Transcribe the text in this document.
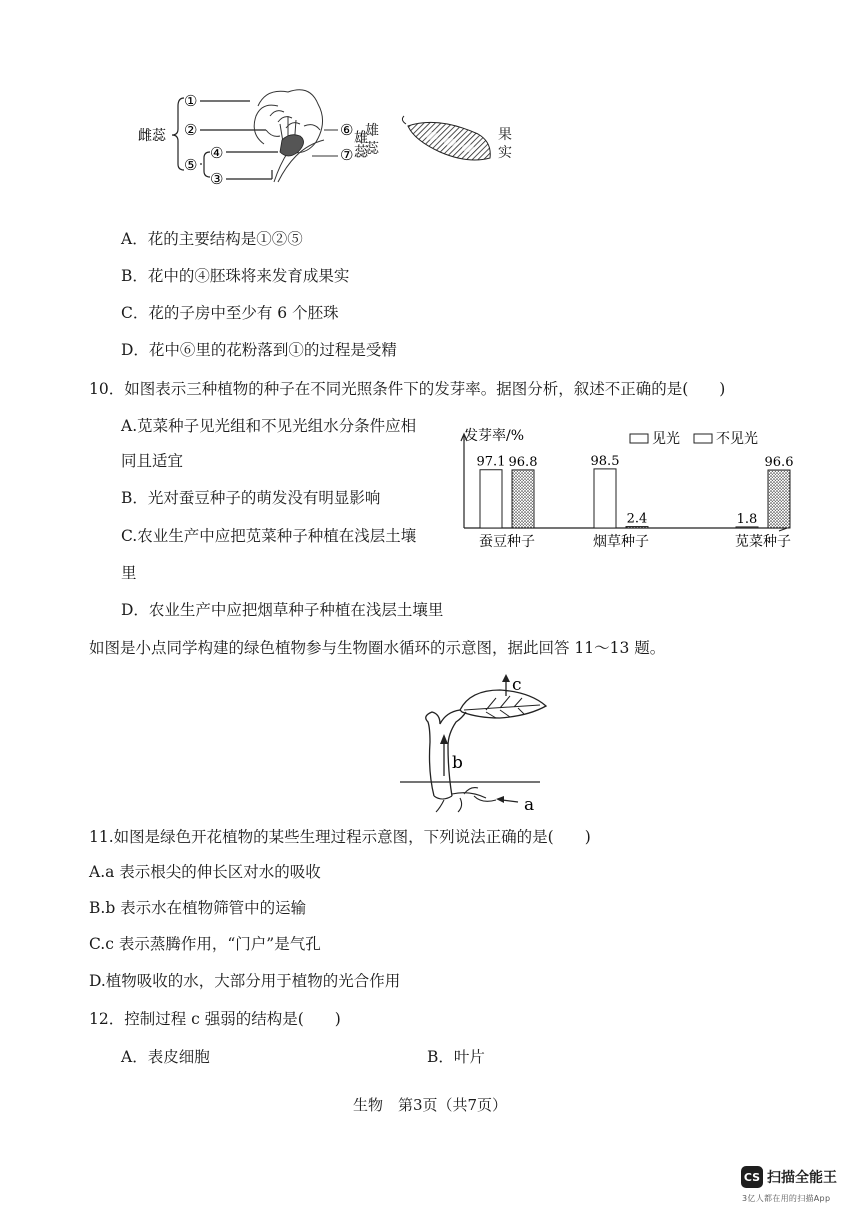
①
②
④
⑤
③
⑥
⑦
雄蕊
雌蕊	果实
雄蕊
A．花的主要结构是①②⑤
B．花中的④胚珠将来发育成果实
C．花的子房中至少有 6 个胚珠
D．花中⑥里的花粉落到①的过程是受精
10．如图表示三种植物的种子在不同光照条件下的发芽率。据图分析，叙述不正确的是(　　)
A.苋菜种子见光组和不见光组水分条件应相
同且适宜
B．光对蚕豆种子的萌发没有明显影响
C.农业生产中应把苋菜种子种植在浅层土壤
里
D．农业生产中应把烟草种子种植在浅层土壤里
发芽率/%	见光	不见光
97.1 96.8	98.5
2.4	1.8
96.6
蚕豆种子	烟草种子	苋菜种子
如图是小点同学构建的绿色植物参与生物圈水循环的示意图，据此回答 11～13 题。
b
c
a
11.如图是绿色开花植物的某些生理过程示意图，下列说法正确的是(　　)
A.a 表示根尖的伸长区对水的吸收
B.b 表示水在植物筛管中的运输
C.c 表示蒸腾作用，“门户”是气孔
D.植物吸收的水，大部分用于植物的光合作用
12．控制过程 c 强弱的结构是(　　)
A．表皮细胞	B．叶片
生物　第3页（共7页）
CS 扫描全能王
3亿人都在用的扫描App
